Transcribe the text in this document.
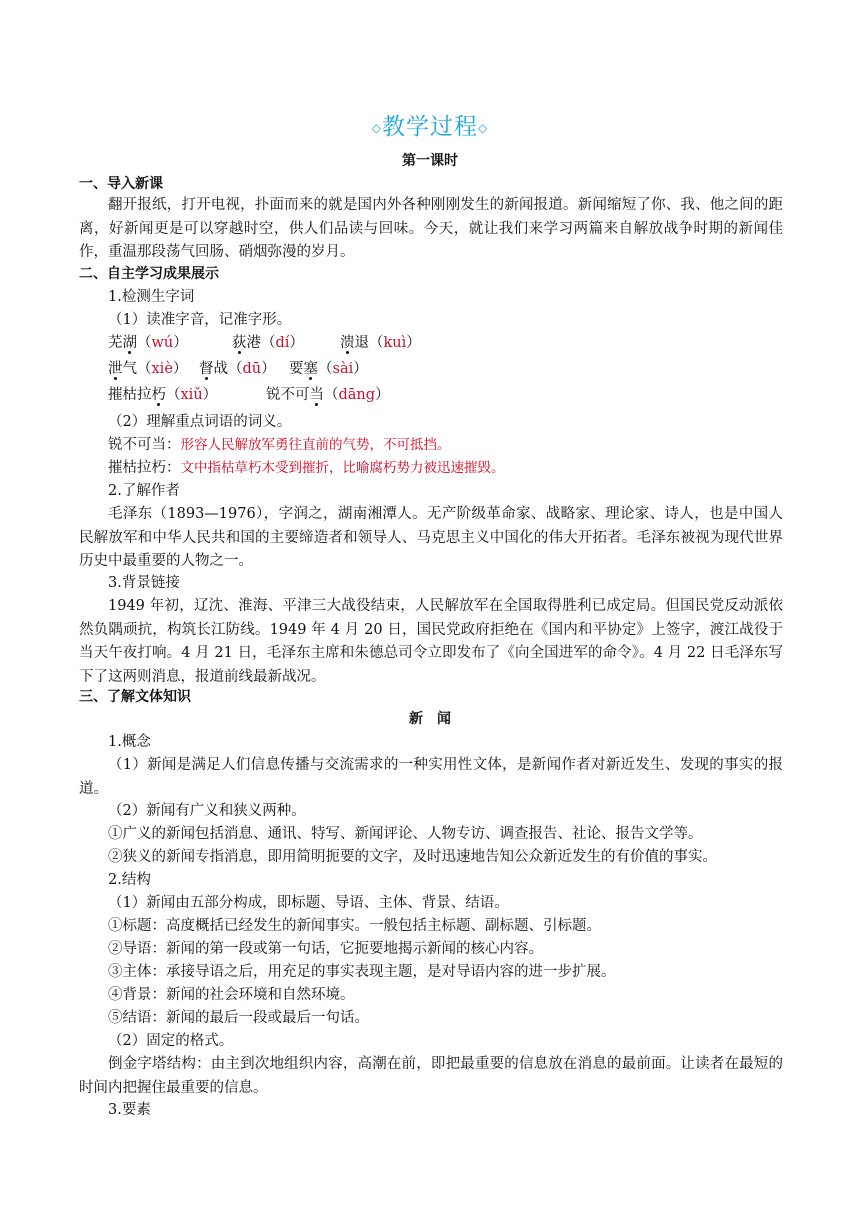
◇教学过程◇
第一课时
一、导入新课
翻开报纸，打开电视，扑面而来的就是国内外各种刚刚发生的新闻报道。新闻缩短了你、我、他之间的距离，好新闻更是可以穿越时空，供人们品读与回味。今天，就让我们来学习两篇来自解放战争时期的新闻佳作，重温那段荡气回肠、硝烟弥漫的岁月。
二、自主学习成果展示
1.检测生字词
（1）读准字音，记准字形。
芜湖（wú）	荻港（dí） 溃退（kuì）
泄气（xiè） 督战（dū） 要塞（sài）
摧枯拉朽（xiǔ）	锐不可当（dāng）
（2）理解重点词语的词义。
锐不可当：形容人民解放军勇往直前的气势，不可抵挡。
摧枯拉朽：文中指枯草朽木受到摧折，比喻腐朽势力被迅速摧毁。
2.了解作者
毛泽东（1893—1976），字润之，湖南湘潭人。无产阶级革命家、战略家、理论家、诗人，也是中国人民解放军和中华人民共和国的主要缔造者和领导人、马克思主义中国化的伟大开拓者。毛泽东被视为现代世界历史中最重要的人物之一。
3.背景链接
1949 年初，辽沈、淮海、平津三大战役结束，人民解放军在全国取得胜利已成定局。但国民党反动派依然负隅顽抗，构筑长江防线。1949 年 4 月 20 日，国民党政府拒绝在《国内和平协定》上签字，渡江战役于当天午夜打响。4 月 21 日，毛泽东主席和朱德总司令立即发布了《向全国进军的命令》。4 月 22 日毛泽东写下了这两则消息，报道前线最新战况。
三、了解文体知识
新　闻
1.概念
（1）新闻是满足人们信息传播与交流需求的一种实用性文体，是新闻作者对新近发生、发现的事实的报道。
（2）新闻有广义和狭义两种。
①广义的新闻包括消息、通讯、特写、新闻评论、人物专访、调查报告、社论、报告文学等。
②狭义的新闻专指消息，即用简明扼要的文字，及时迅速地告知公众新近发生的有价值的事实。
2.结构
（1）新闻由五部分构成，即标题、导语、主体、背景、结语。
①标题：高度概括已经发生的新闻事实。一般包括主标题、副标题、引标题。
②导语：新闻的第一段或第一句话，它扼要地揭示新闻的核心内容。
③主体：承接导语之后，用充足的事实表现主题，是对导语内容的进一步扩展。
④背景：新闻的社会环境和自然环境。
⑤结语：新闻的最后一段或最后一句话。
（2）固定的格式。
倒金字塔结构：由主到次地组织内容，高潮在前，即把最重要的信息放在消息的最前面。让读者在最短的时间内把握住最重要的信息。
3.要素
